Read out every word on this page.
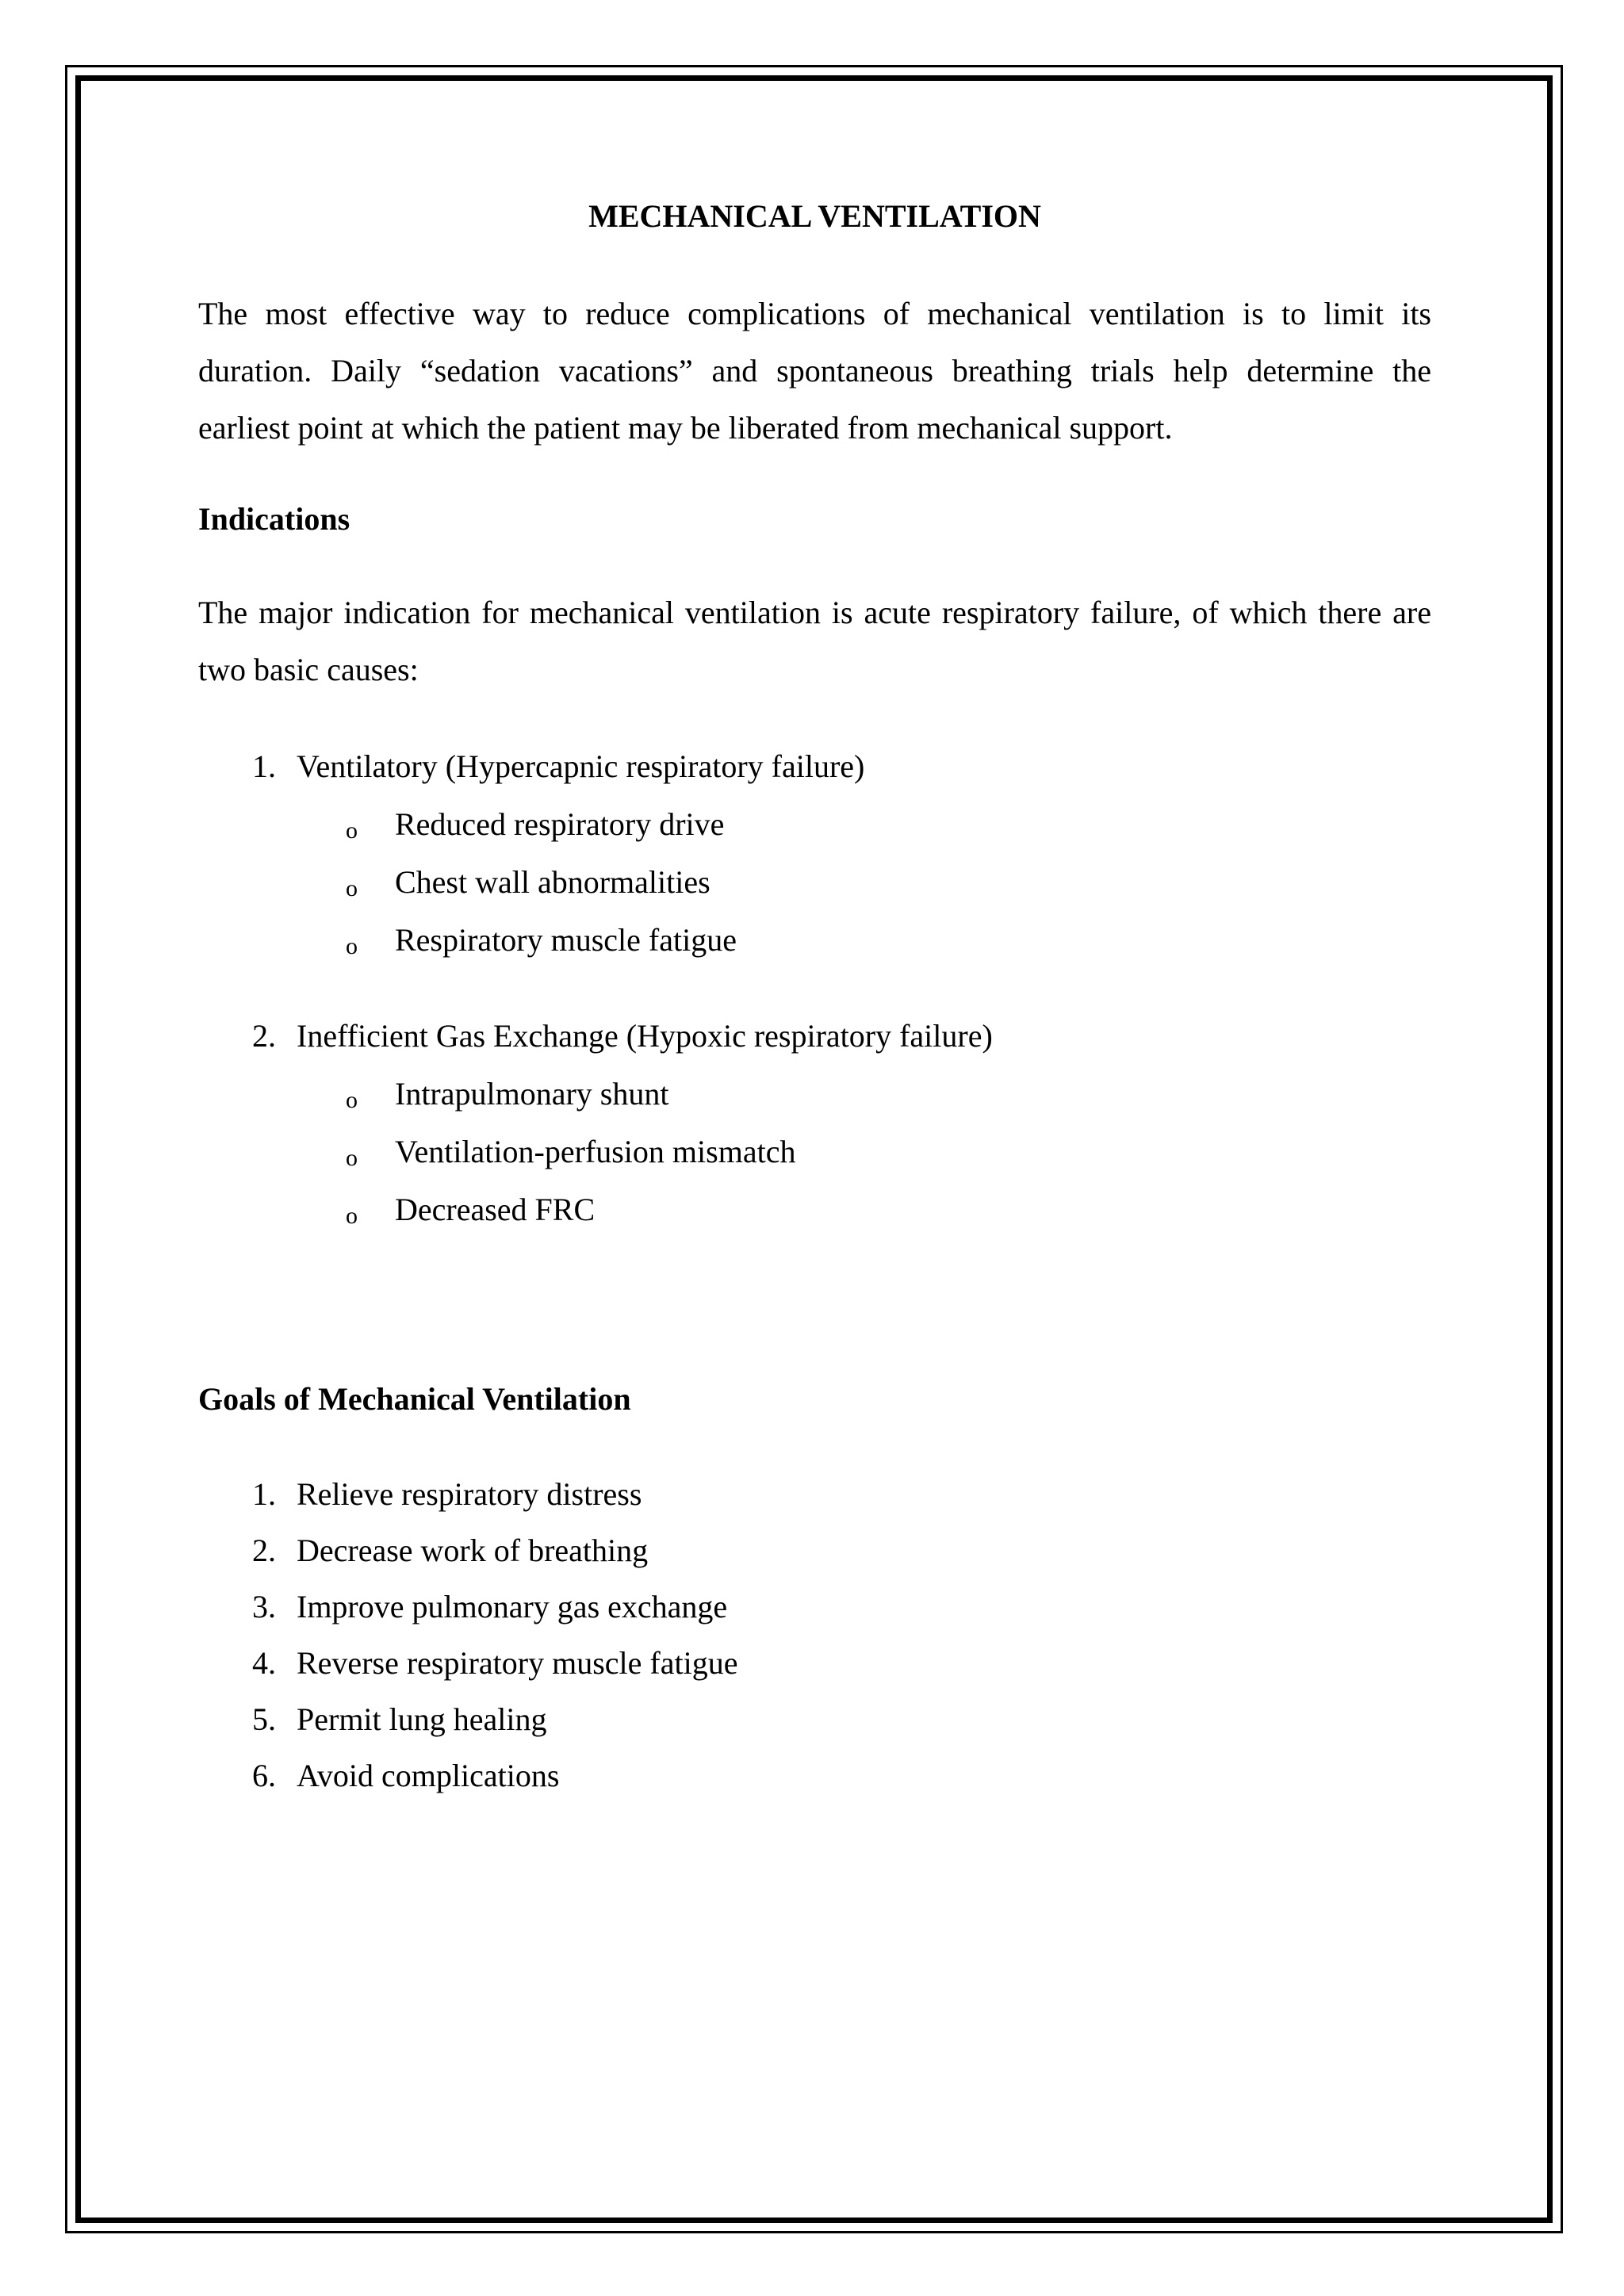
MECHANICAL VENTILATION

The most effective way to reduce complications of mechanical ventilation is to limit its
duration. Daily “sedation vacations” and spontaneous breathing trials help determine the
earliest point at which the patient may be liberated from mechanical support.

Indications

The major indication for mechanical ventilation is acute respiratory failure, of which there are
two basic causes:

1. Ventilatory (Hypercapnic respiratory failure)
o Reduced respiratory drive
o Chest wall abnormalities
o Respiratory muscle fatigue
2. Inefficient Gas Exchange (Hypoxic respiratory failure)
o Intrapulmonary shunt
o Ventilation-perfusion mismatch
o Decreased FRC
Goals of Mechanical Ventilation
1. Relieve respiratory distress
2. Decrease work of breathing
3. Improve pulmonary gas exchange
4. Reverse respiratory muscle fatigue
5. Permit lung healing
6. Avoid complications
